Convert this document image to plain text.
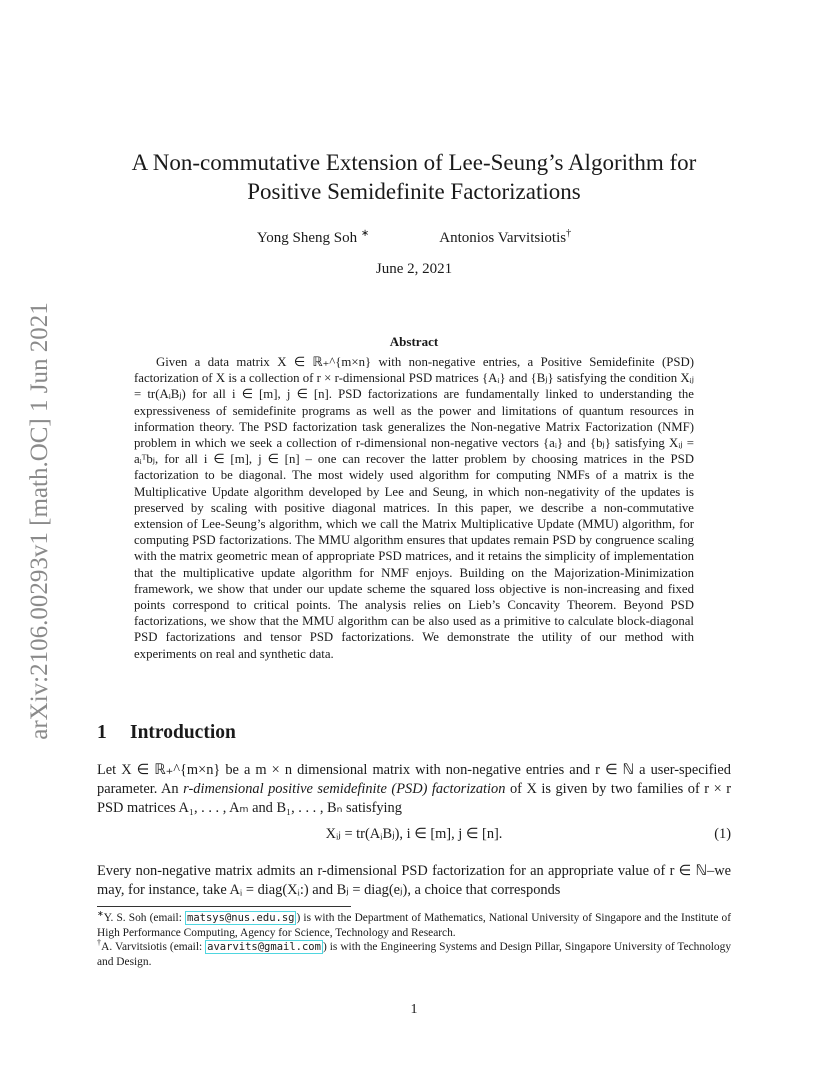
arXiv:2106.00293v1 [math.OC] 1 Jun 2021
A Non-commutative Extension of Lee-Seung’s Algorithm for
Positive Semidefinite Factorizations
Yong Sheng Soh ∗	Antonios Varvitsiotis†
June 2, 2021
Abstract

Given a data matrix X ∈ ℝ₊^{m×n} with non-negative entries, a Positive Semidefinite (PSD) factorization of X is a collection of r × r-dimensional PSD matrices {Aᵢ} and {Bⱼ} satisfying the condition Xᵢⱼ = tr(AᵢBⱼ) for all i ∈ [m], j ∈ [n]. PSD factorizations are fundamentally linked to understanding the expressiveness of semidefinite programs as well as the power and limitations of quantum resources in information theory. The PSD factorization task generalizes the Non-negative Matrix Factorization (NMF) problem in which we seek a collection of r-dimensional non-negative vectors {aᵢ} and {bⱼ} satisfying Xᵢⱼ = aᵢᵀbⱼ, for all i ∈ [m], j ∈ [n] – one can recover the latter problem by choosing matrices in the PSD factorization to be diagonal. The most widely used algorithm for computing NMFs of a matrix is the Multiplicative Update algorithm developed by Lee and Seung, in which non-negativity of the updates is preserved by scaling with positive diagonal matrices. In this paper, we describe a non-commutative extension of Lee-Seung’s algorithm, which we call the Matrix Multiplicative Update (MMU) algorithm, for computing PSD factorizations. The MMU algorithm ensures that updates remain PSD by congruence scaling with the matrix geometric mean of appropriate PSD matrices, and it retains the simplicity of implementation that the multiplicative update algorithm for NMF enjoys. Building on the Majorization-Minimization framework, we show that under our update scheme the squared loss objective is non-increasing and fixed points correspond to critical points. The analysis relies on Lieb’s Concavity Theorem. Beyond PSD factorizations, we show that the MMU algorithm can be also used as a primitive to calculate block-diagonal PSD factorizations and tensor PSD factorizations. We demonstrate the utility of our method with experiments on real and synthetic data.

1 Introduction

Let X ∈ ℝ₊^{m×n} be a m × n dimensional matrix with non-negative entries and r ∈ ℕ a user-specified parameter. An r-dimensional positive semidefinite (PSD) factorization of X is given by two families of r × r PSD matrices A₁, . . . , Aₘ and B₁, . . . , Bₙ satisfying

Xᵢⱼ = tr(AᵢBⱼ), i ∈ [m], j ∈ [n].	(1)

Every non-negative matrix admits an r-dimensional PSD factorization for an appropriate value of r ∈ ℕ–we may, for instance, take Aᵢ = diag(Xᵢ:) and Bⱼ = diag(eⱼ), a choice that corresponds

∗Y. S. Soh (email: matsys@nus.edu.sg ) is with the Department of Mathematics, National University of Singapore and the Institute of High Performance Computing, Agency for Science, Technology and Research.

†A. Varvitsiotis (email: avarvits@gmail.com ) is with the Engineering Systems and Design Pillar, Singapore University of Technology and Design.

1
